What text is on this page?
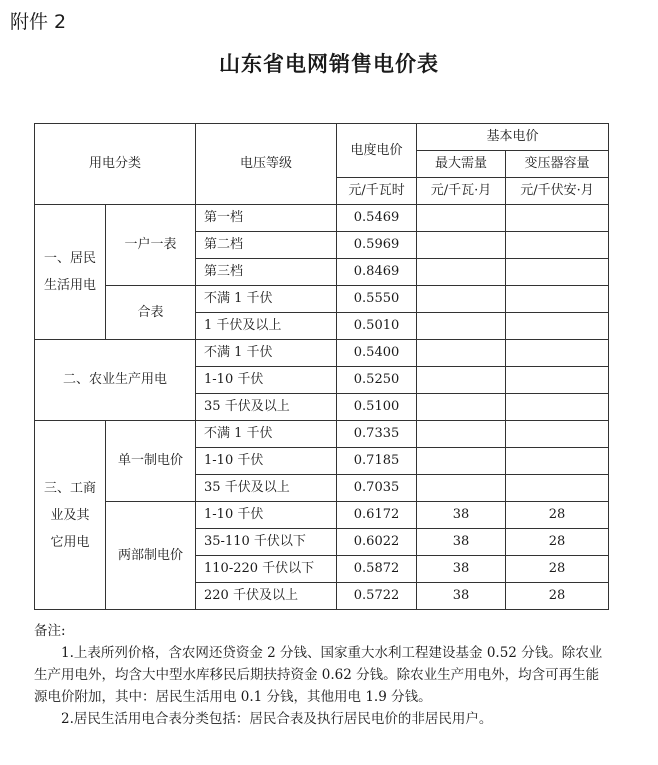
附件 2
山东省电网销售电价表
用电分类		电压等级	电度电价	基本电价	
				最大需量	变压器容量
			元/千瓦时	元/千瓦·月	元/千伏安·月
一、居民
生活用电	一户一表	第一档	0.5469		
		第二档	0.5969		
		第三档	0.8469		
	合表	不满 1 千伏	0.5550		
		1 千伏及以上	0.5010		
二、农业生产用电		不满 1 千伏	0.5400		
		1-10 千伏	0.5250		
		35 千伏及以上	0.5100		
三、工商
业及其
它用电	单一制电价	不满 1 千伏	0.7335		
		1-10 千伏	0.7185		
		35 千伏及以上	0.7035		
	两部制电价	1-10 千伏	0.6172	38	28
		35-110 千伏以下	0.6022	38	28
		110-220 千伏以下	0.5872	38	28
		220 千伏及以上	0.5722	38	28

备注:

1.上表所列价格，含农网还贷资金 2 分钱、国家重大水利工程建设基金 0.52 分钱。除农业生产用电外，均含大中型水库移民后期扶持资金 0.62 分钱。除农业生产用电外，均含可再生能源电价附加，其中：居民生活用电 0.1 分钱，其他用电 1.9 分钱。

2.居民生活用电合表分类包括：居民合表及执行居民电价的非居民用户。
